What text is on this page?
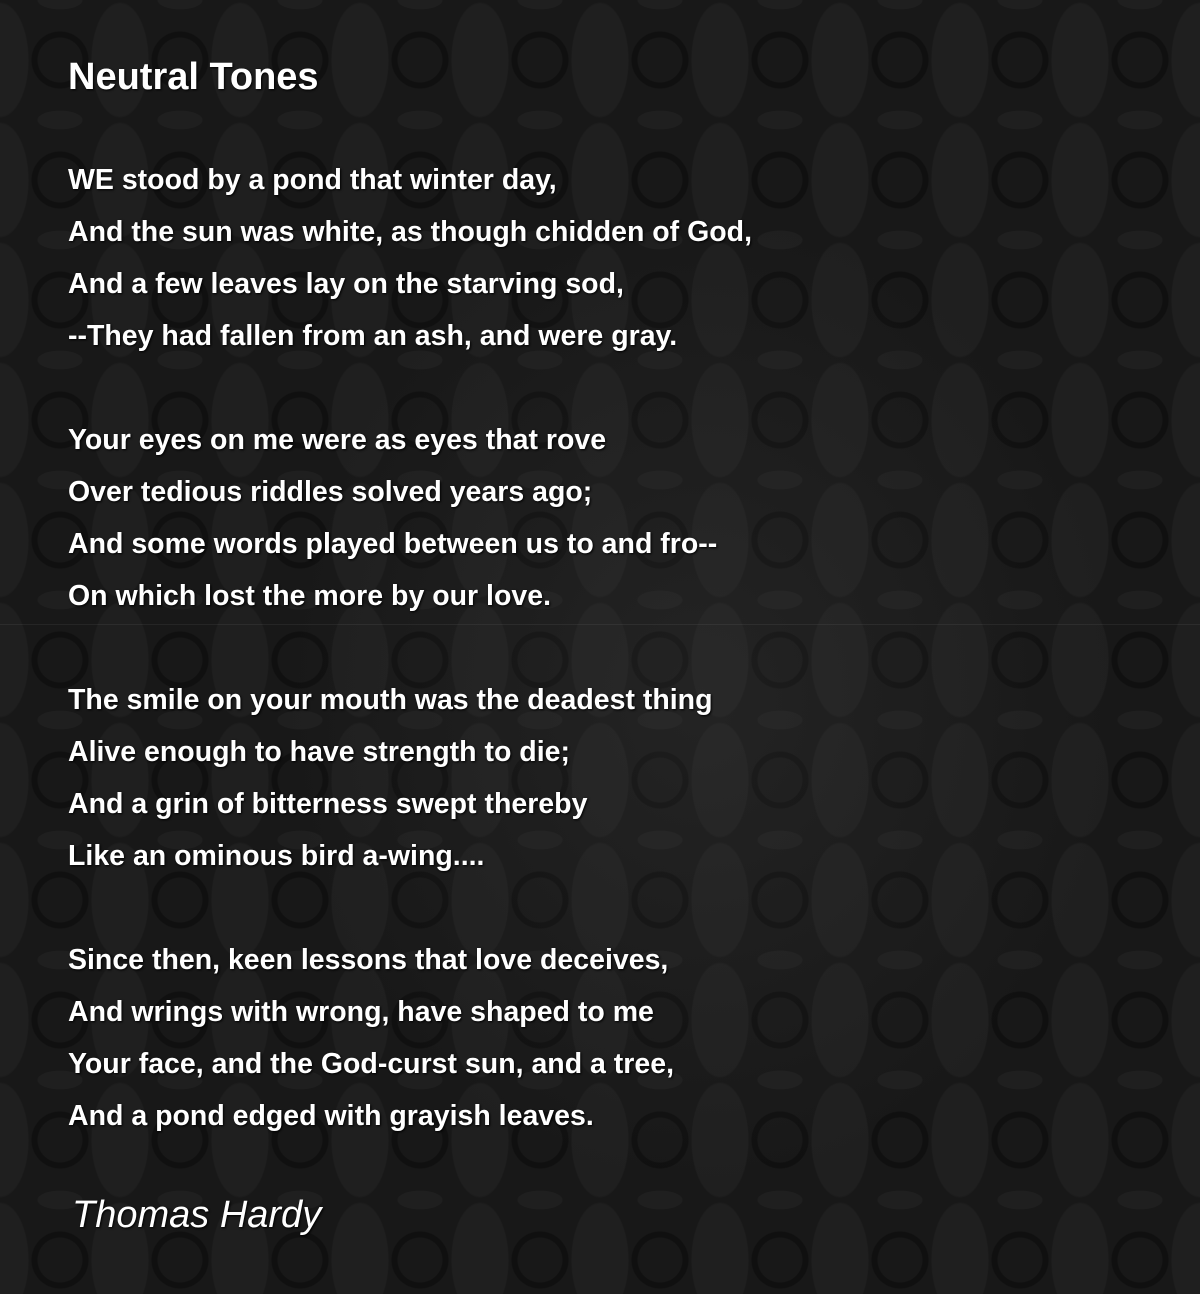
Neutral Tones
WE stood by a pond that winter day,
And the sun was white, as though chidden of God,
And a few leaves lay on the starving sod,
--They had fallen from an ash, and were gray.
Your eyes on me were as eyes that rove
Over tedious riddles solved years ago;
And some words played between us to and fro--
On which lost the more by our love.
The smile on your mouth was the deadest thing
Alive enough to have strength to die;
And a grin of bitterness swept thereby
Like an ominous bird a-wing....
Since then, keen lessons that love deceives,
And wrings with wrong, have shaped to me
Your face, and the God-curst sun, and a tree,
And a pond edged with grayish leaves.
Thomas Hardy
